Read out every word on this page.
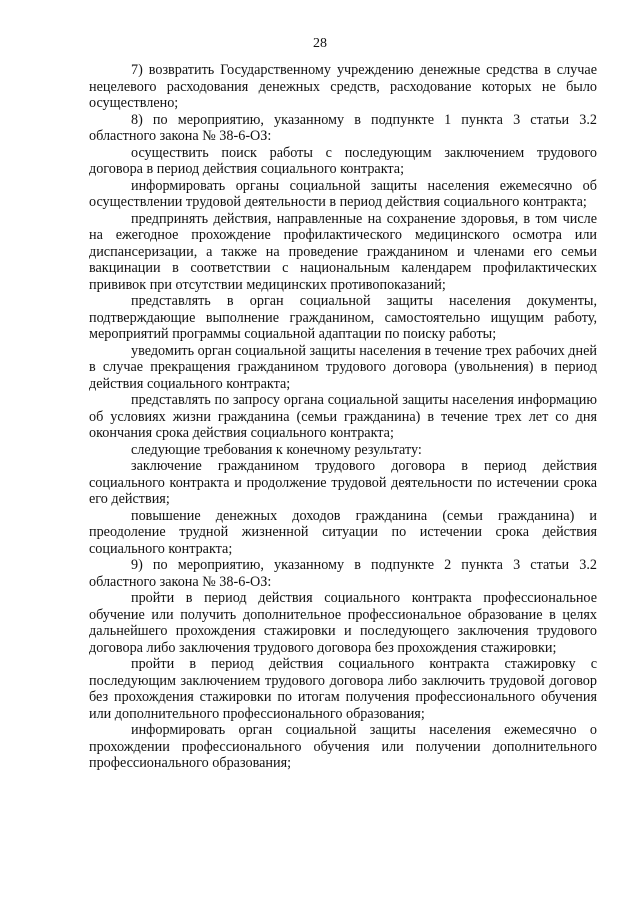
28

7) возвратить Государственному учреждению денежные средства в случае нецелевого расходования денежных средств, расходование которых не было осуществлено;

8) по мероприятию, указанному в подпункте 1 пункта 3 статьи 3.2 областного закона № 38-6-ОЗ:

осуществить поиск работы с последующим заключением трудового договора в период действия социального контракта;

информировать органы социальной защиты населения ежемесячно об осуществлении трудовой деятельности в период действия социального контракта;

предпринять действия, направленные на сохранение здоровья, в том числе на ежегодное прохождение профилактического медицинского осмотра или диспансеризации, а также на проведение гражданином и членами его семьи вакцинации в соответствии с национальным календарем профилактических прививок при отсутствии медицинских противопоказаний;

представлять в орган социальной защиты населения документы, подтверждающие выполнение гражданином, самостоятельно ищущим работу, мероприятий программы социальной адаптации по поиску работы;

уведомить орган социальной защиты населения в течение трех рабочих дней в случае прекращения гражданином трудового договора (увольнения) в период действия социального контракта;

представлять по запросу органа социальной защиты населения информацию об условиях жизни гражданина (семьи гражданина) в течение трех лет со дня окончания срока действия социального контракта;

следующие требования к конечному результату:

заключение гражданином трудового договора в период действия социального контракта и продолжение трудовой деятельности по истечении срока его действия;

повышение денежных доходов гражданина (семьи гражданина) и преодоление трудной жизненной ситуации по истечении срока действия социального контракта;

9) по мероприятию, указанному в подпункте 2 пункта 3 статьи 3.2 областного закона № 38-6-ОЗ:

пройти в период действия социального контракта профессиональное обучение или получить дополнительное профессиональное образование в целях дальнейшего прохождения стажировки и последующего заключения трудового договора либо заключения трудового договора без прохождения стажировки;

пройти в период действия социального контракта стажировку с последующим заключением трудового договора либо заключить трудовой договор без прохождения стажировки по итогам получения профессионального обучения или дополнительного профессионального образования;

информировать орган социальной защиты населения ежемесячно о прохождении профессионального обучения или получении дополнительного профессионального образования;
